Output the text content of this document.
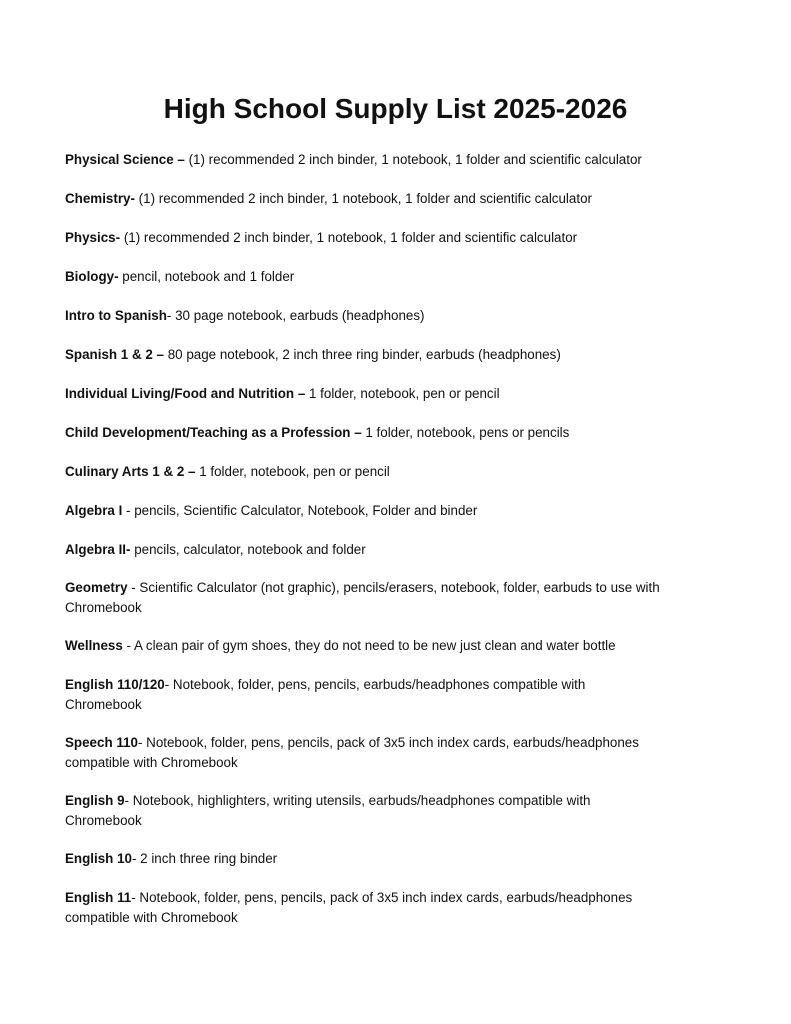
High School Supply List 2025-2026
Physical Science – (1) recommended 2 inch binder, 1 notebook, 1 folder and scientific calculator
Chemistry- (1) recommended 2 inch binder, 1 notebook, 1 folder and scientific calculator
Physics- (1) recommended 2 inch binder, 1 notebook, 1 folder and scientific calculator
Biology- pencil, notebook and 1 folder
Intro to Spanish- 30 page notebook, earbuds (headphones)
Spanish 1 & 2 – 80 page notebook, 2 inch three ring binder, earbuds (headphones)
Individual Living/Food and Nutrition – 1 folder, notebook, pen or pencil
Child Development/Teaching as a Profession – 1 folder, notebook, pens or pencils
Culinary Arts 1 & 2 – 1 folder, notebook, pen or pencil
Algebra I - pencils, Scientific Calculator, Notebook, Folder and binder
Algebra II- pencils, calculator, notebook and folder
Geometry - Scientific Calculator (not graphic), pencils/erasers, notebook, folder, earbuds to use with Chromebook
Wellness - A clean pair of gym shoes, they do not need to be new just clean and water bottle
English 110/120- Notebook, folder, pens, pencils, earbuds/headphones compatible with Chromebook
Speech 110- Notebook, folder, pens, pencils, pack of 3x5 inch index cards, earbuds/headphones compatible with Chromebook
English 9- Notebook, highlighters, writing utensils, earbuds/headphones compatible with Chromebook
English 10- 2 inch three ring binder
English 11- Notebook, folder, pens, pencils, pack of 3x5 inch index cards, earbuds/headphones compatible with Chromebook
